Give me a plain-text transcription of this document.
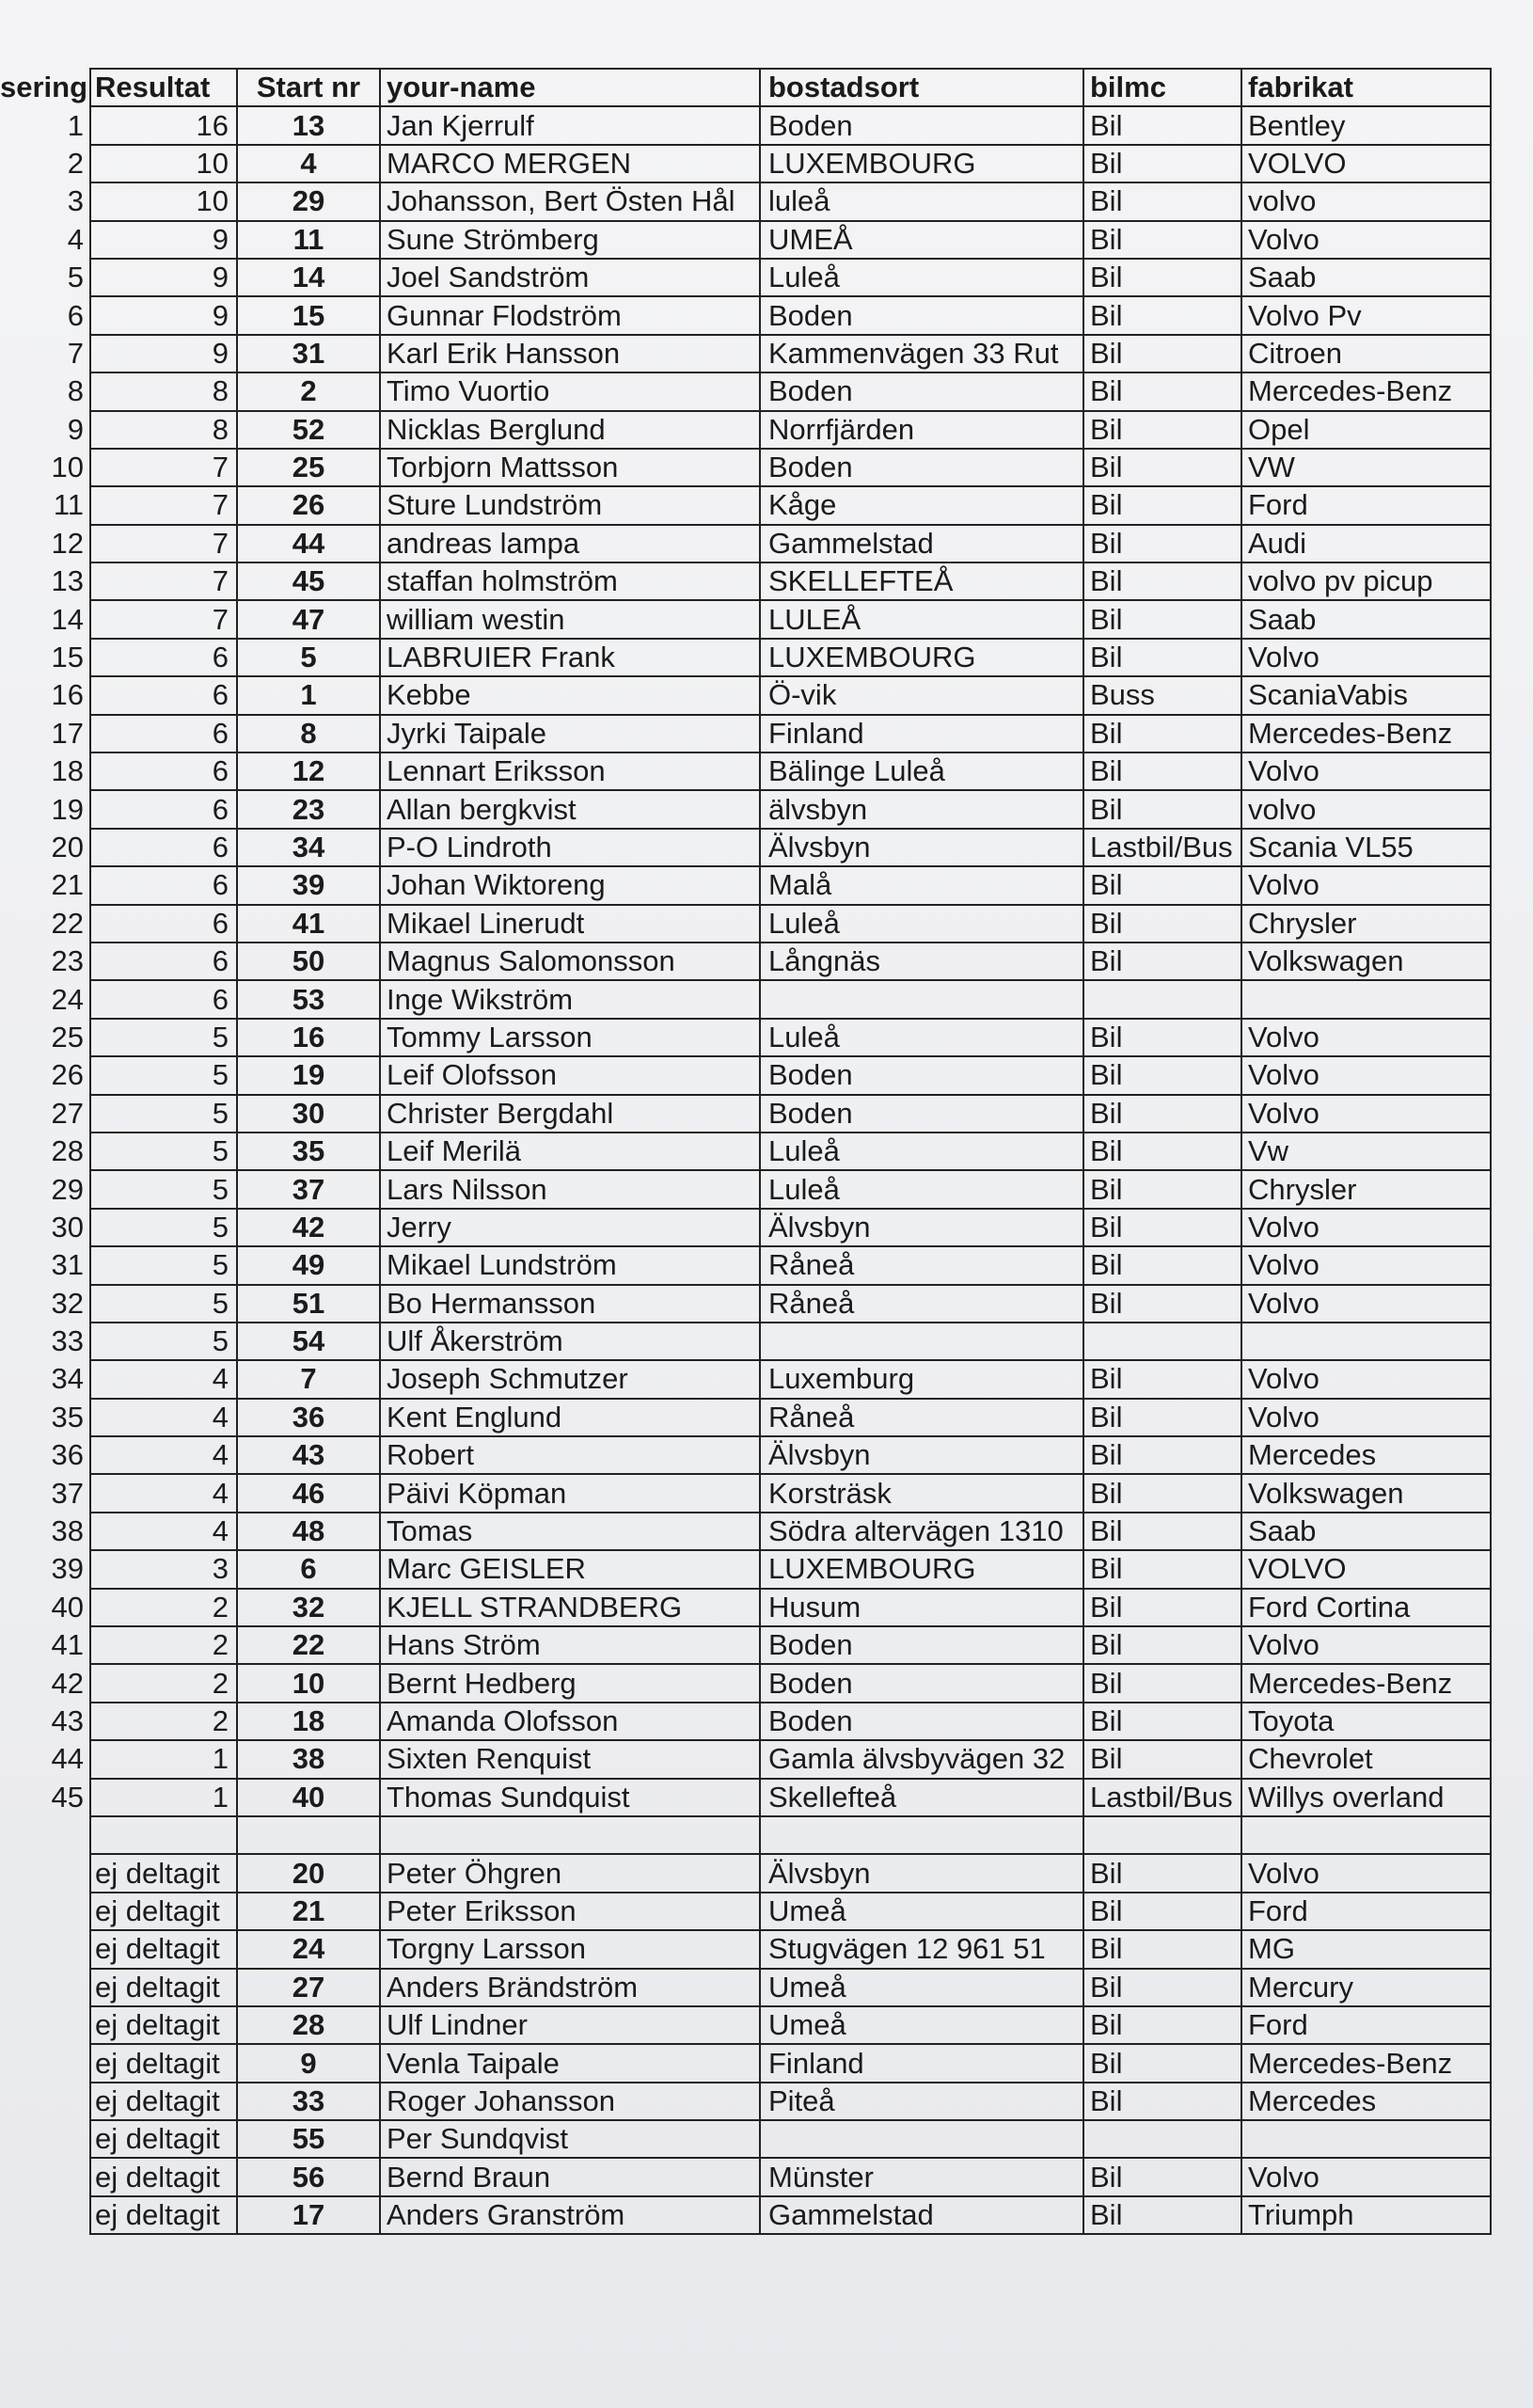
sering	Resultat	Start nr	your-name	bostadsort	bilmc	fabrikat
1	16	13	Jan Kjerrulf	Boden	Bil	Bentley
2	10	4	MARCO MERGEN	LUXEMBOURG	Bil	VOLVO
3	10	29	Johansson, Bert Östen Hål	luleå	Bil	volvo
4	9	11	Sune Strömberg	UMEÅ	Bil	Volvo
5	9	14	Joel Sandström	Luleå	Bil	Saab
6	9	15	Gunnar Flodström	Boden	Bil	Volvo Pv
7	9	31	Karl Erik Hansson	Kammenvägen 33 Rut	Bil	Citroen
8	8	2	Timo Vuortio	Boden	Bil	Mercedes-Benz
9	8	52	Nicklas Berglund	Norrfjärden	Bil	Opel
10	7	25	Torbjorn Mattsson	Boden	Bil	VW
11	7	26	Sture Lundström	Kåge	Bil	Ford
12	7	44	andreas lampa	Gammelstad	Bil	Audi
13	7	45	staffan holmström	SKELLEFTEÅ	Bil	volvo pv picup
14	7	47	william westin	LULEÅ	Bil	Saab
15	6	5	LABRUIER Frank	LUXEMBOURG	Bil	Volvo
16	6	1	Kebbe	Ö-vik	Buss	ScaniaVabis
17	6	8	Jyrki Taipale	Finland	Bil	Mercedes-Benz
18	6	12	Lennart Eriksson	Bälinge Luleå	Bil	Volvo
19	6	23	Allan bergkvist	älvsbyn	Bil	volvo
20	6	34	P-O Lindroth	Älvsbyn	Lastbil/Bus	Scania VL55
21	6	39	Johan Wiktoreng	Malå	Bil	Volvo
22	6	41	Mikael Linerudt	Luleå	Bil	Chrysler
23	6	50	Magnus Salomonsson	Långnäs	Bil	Volkswagen
24	6	53	Inge Wikström			
25	5	16	Tommy Larsson	Luleå	Bil	Volvo
26	5	19	Leif Olofsson	Boden	Bil	Volvo
27	5	30	Christer Bergdahl	Boden	Bil	Volvo
28	5	35	Leif Merilä	Luleå	Bil	Vw
29	5	37	Lars Nilsson	Luleå	Bil	Chrysler
30	5	42	Jerry	Älvsbyn	Bil	Volvo
31	5	49	Mikael Lundström	Råneå	Bil	Volvo
32	5	51	Bo Hermansson	Råneå	Bil	Volvo
33	5	54	Ulf Åkerström			
34	4	7	Joseph Schmutzer	Luxemburg	Bil	Volvo
35	4	36	Kent Englund	Råneå	Bil	Volvo
36	4	43	Robert	Älvsbyn	Bil	Mercedes
37	4	46	Päivi Köpman	Korsträsk	Bil	Volkswagen
38	4	48	Tomas	Södra altervägen 1310	Bil	Saab
39	3	6	Marc GEISLER	LUXEMBOURG	Bil	VOLVO
40	2	32	KJELL STRANDBERG	Husum	Bil	Ford Cortina
41	2	22	Hans Ström	Boden	Bil	Volvo
42	2	10	Bernt Hedberg	Boden	Bil	Mercedes-Benz
43	2	18	Amanda Olofsson	Boden	Bil	Toyota
44	1	38	Sixten Renquist	Gamla älvsbyvägen 32	Bil	Chevrolet
45	1	40	Thomas Sundquist	Skellefteå	Lastbil/Bus	Willys overland

	ej deltagit	20	Peter Öhgren	Älvsbyn	Bil	Volvo
	ej deltagit	21	Peter Eriksson	Umeå	Bil	Ford
	ej deltagit	24	Torgny Larsson	Stugvägen 12 961 51	Bil	MG
	ej deltagit	27	Anders Brändström	Umeå	Bil	Mercury
	ej deltagit	28	Ulf Lindner	Umeå	Bil	Ford
	ej deltagit	9	Venla Taipale	Finland	Bil	Mercedes-Benz
	ej deltagit	33	Roger Johansson	Piteå	Bil	Mercedes
	ej deltagit	55	Per Sundqvist			
	ej deltagit	56	Bernd Braun	Münster	Bil	Volvo
	ej deltagit	17	Anders Granström	Gammelstad	Bil	Triumph
